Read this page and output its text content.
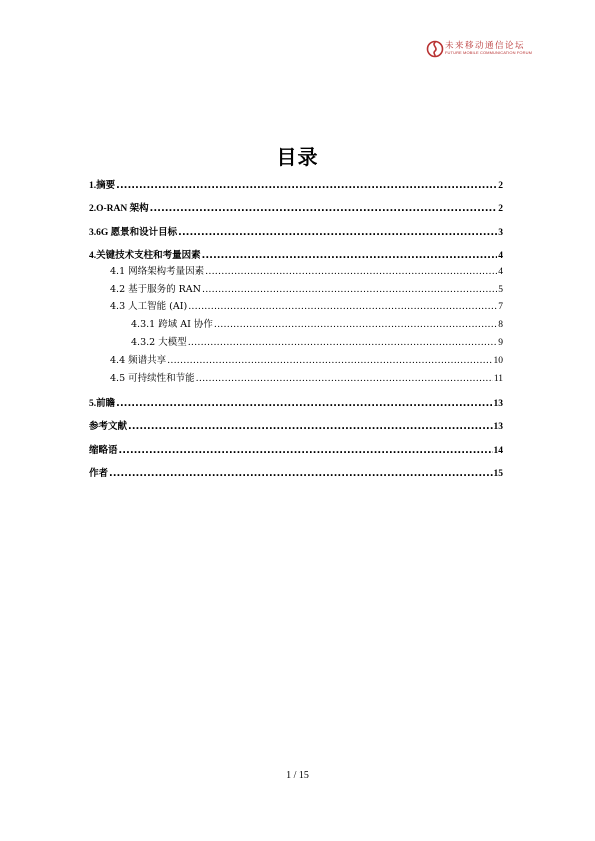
未来移动通信论坛
FUTURE MOBILE COMMUNICATION FORUM
目录
1.摘要 .....	2
2.O-RAN 架构 .....	2
3.6G 愿景和设计目标 .....	3
4.关键技术支柱和考量因素 .....	4
4.1 网络架构考量因素 .....	4
4.2 基于服务的 RAN .....	5
4.3 人工智能 (AI) .....	7
4.3.1 跨域 AI 协作 .....	8
4.3.2 大模型 .....	9
4.4 频谱共享 .....	10
4.5 可持续性和节能 .....	11
5.前瞻 .....	13
参考文献 .....	13
缩略语 .....	14
作者 .....	15
1 / 15
